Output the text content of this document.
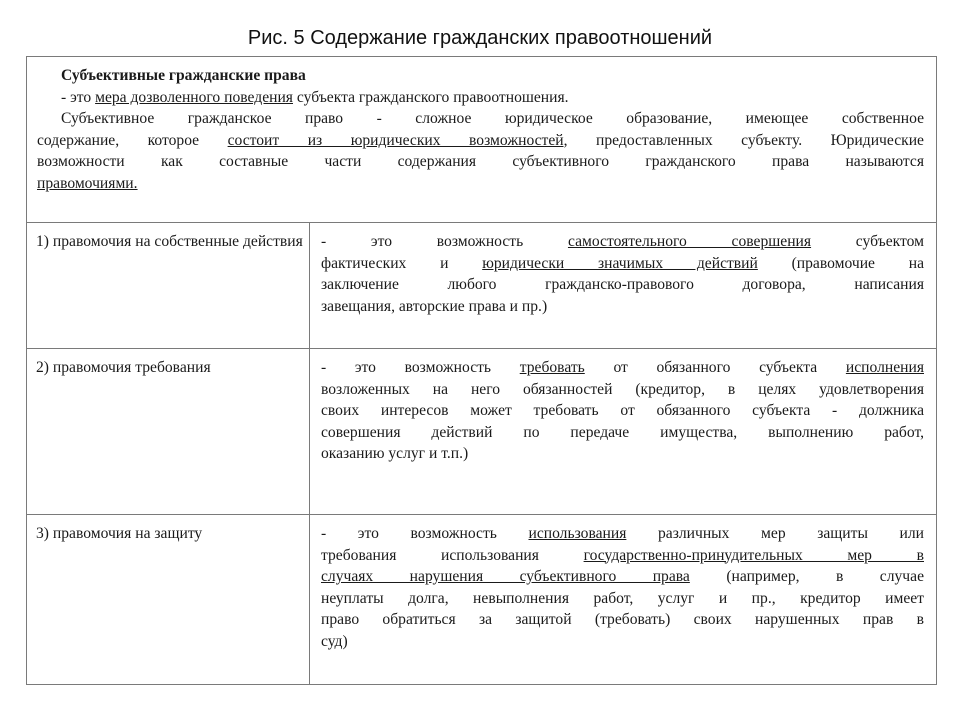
Рис. 5 Содержание гражданских правоотношений

Субъективные гражданские права

- это мера дозволенного поведения субъекта гражданского правоотношения.

Субъективное гражданское право - сложное юридическое образование, имеющее собственное

содержание, которое состоит из юридических возможностей, предоставленных субъекту. Юридические

возможности как составные части содержания субъективного гражданского права называются

правомочиями.

1) правомочия на собственные действия	- это возможность самостоятельного совершения субъектом

фактических и юридически значимых действий (правомочие на

заключение любого гражданско-правового договора, написания

завещания, авторские права и пр.)

2) правомочия требования	- это возможность требовать от обязанного субъекта исполнения

возложенных на него обязанностей (кредитор, в целях удовлетворения

своих интересов может требовать от обязанного субъекта - должника

совершения действий по передаче имущества, выполнению работ,

оказанию услуг и т.п.)

3) правомочия на защиту	- это возможность использования различных мер защиты или

требования использования государственно-принудительных мер в

случаях нарушения субъективного права (например, в случае

неуплаты долга, невыполнения работ, услуг и пр., кредитор имеет

право обратиться за защитой (требовать) своих нарушенных прав в

суд)
